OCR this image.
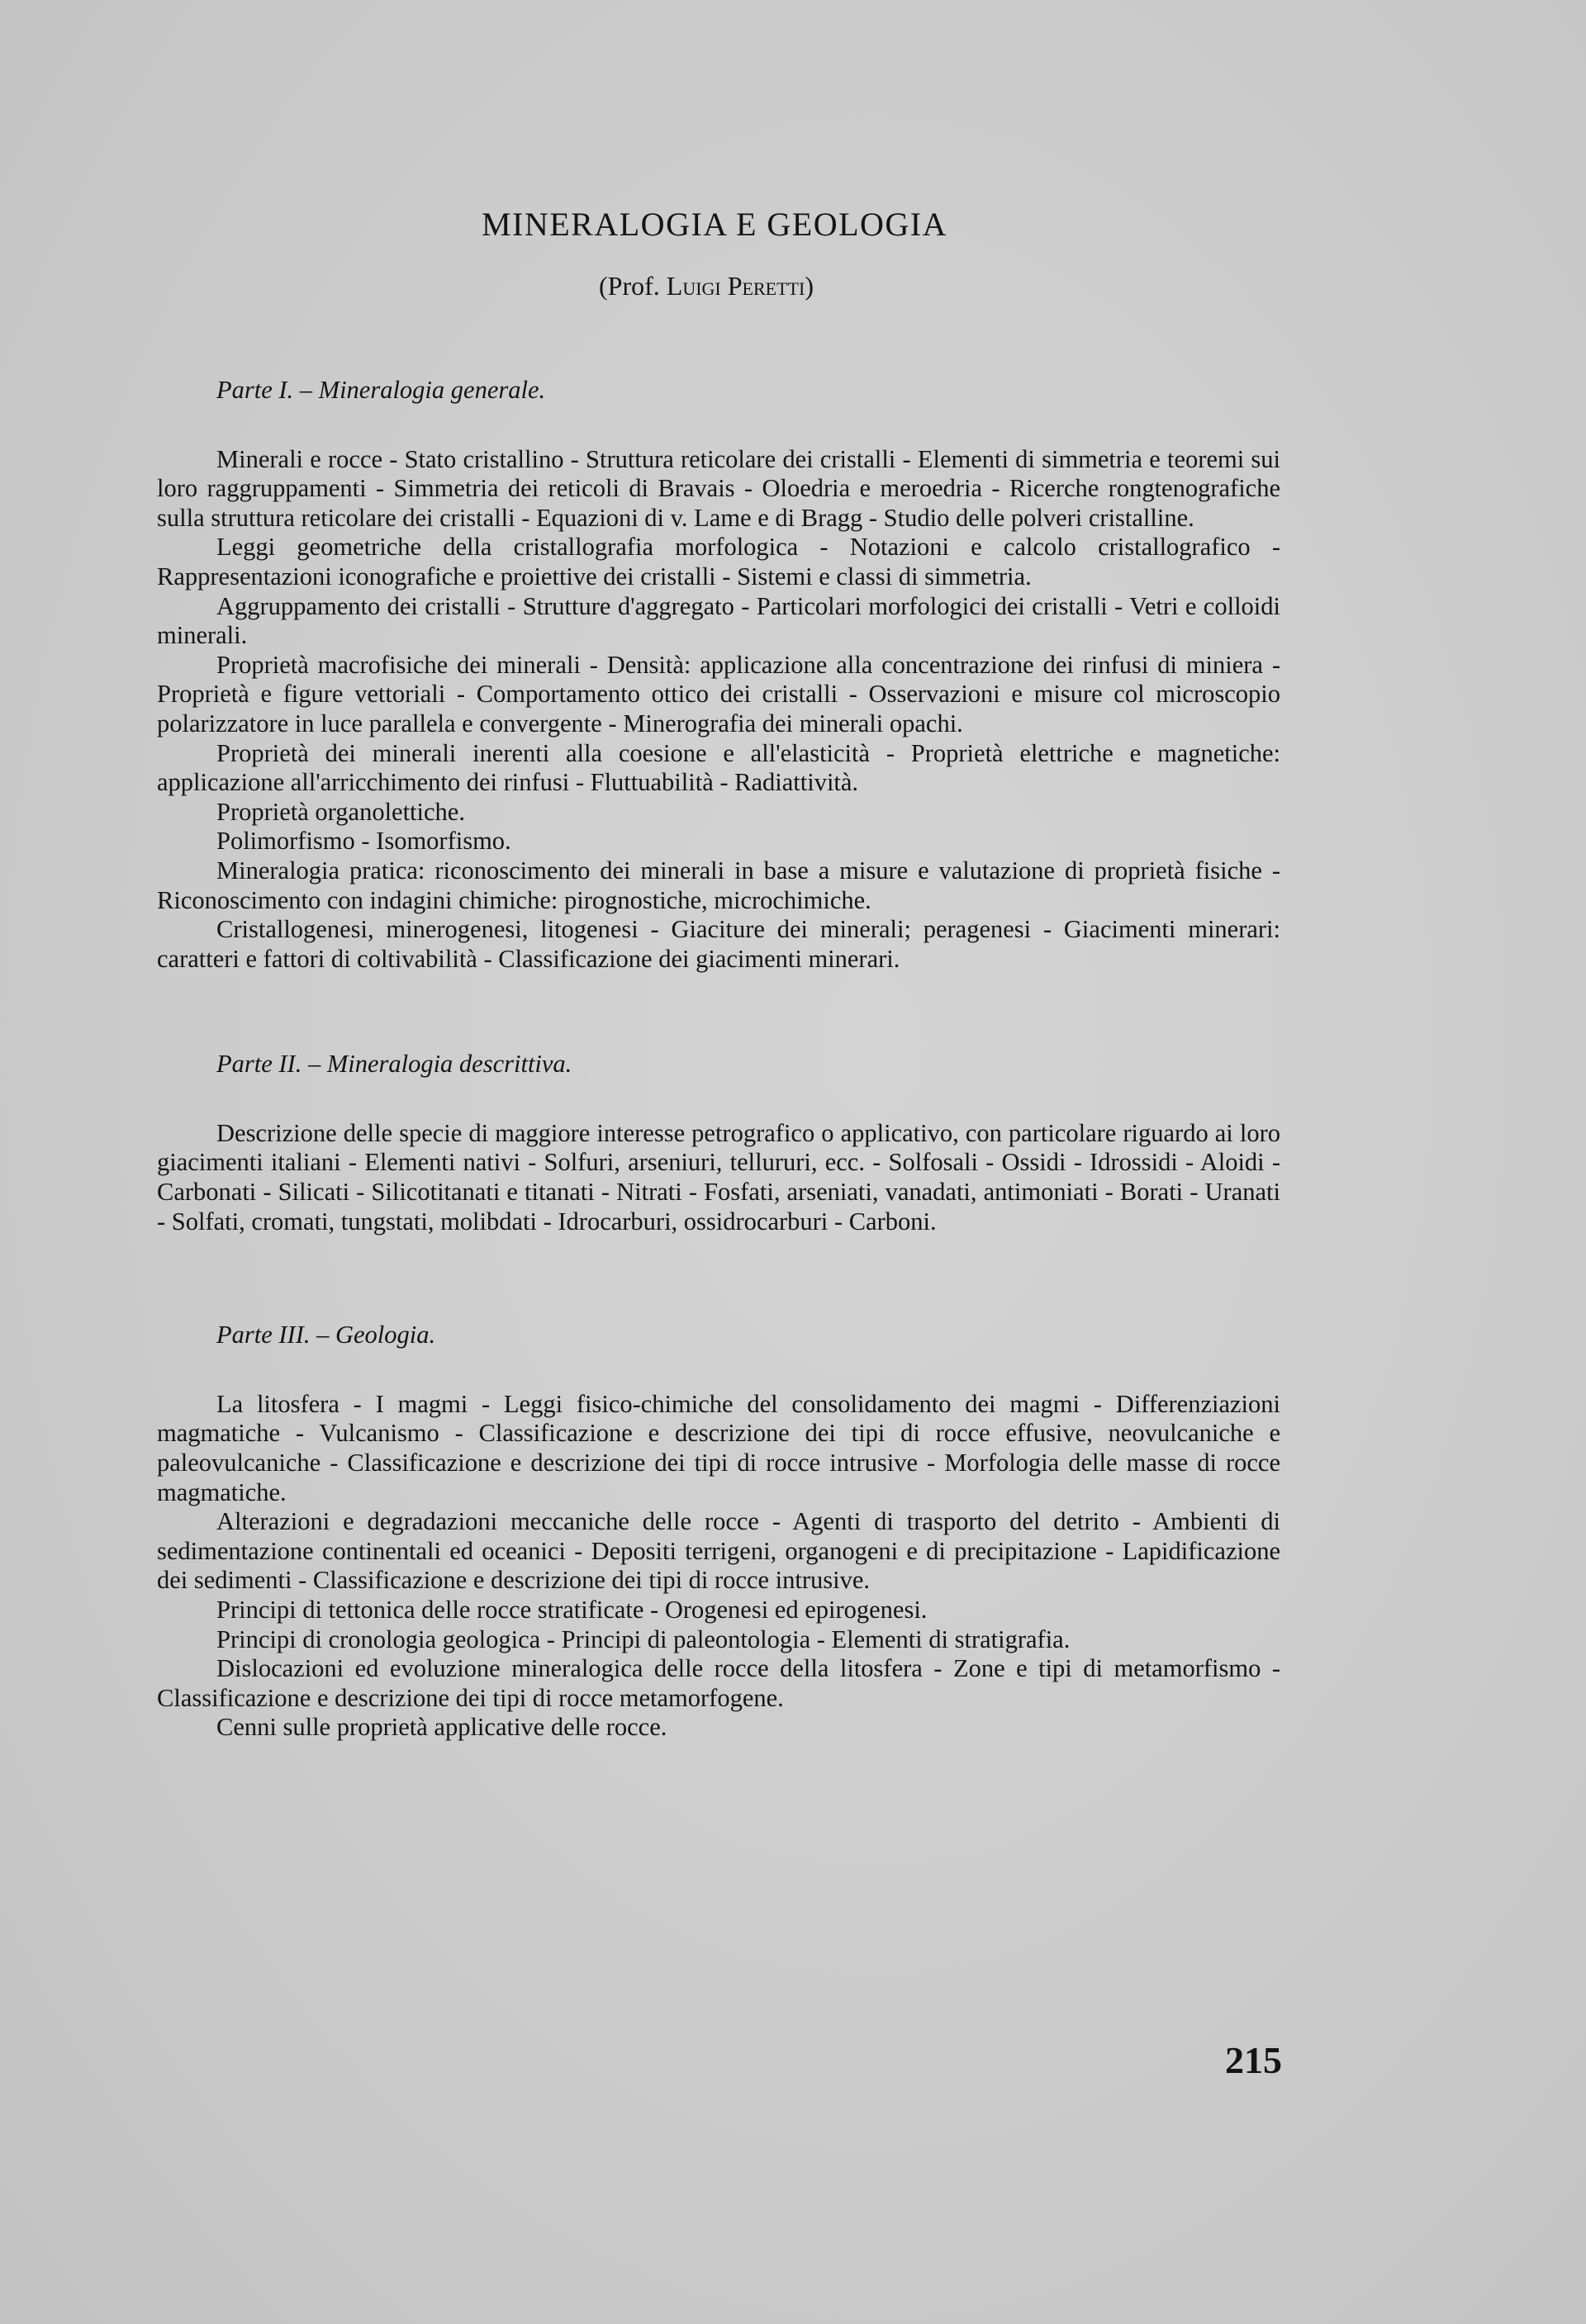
MINERALOGIA E GEOLOGIA
(Prof. Luigi Peretti)
Parte I. – Mineralogia generale.

Minerali e rocce - Stato cristallino - Struttura reticolare dei cristalli - Elementi di simmetria e teoremi sui loro raggruppamenti - Simmetria dei reticoli di Bravais - Oloedria e meroedria - Ricerche rongtenografiche sulla struttura reticolare dei cristalli - Equazioni di v. Lame e di Bragg - Studio delle polveri cristalline.

Leggi geometriche della cristallografia morfologica - Notazioni e calcolo cristallografico - Rappresentazioni iconografiche e proiettive dei cristalli - Sistemi e classi di simmetria.

Aggruppamento dei cristalli - Strutture d'aggregato - Particolari morfologici dei cristalli - Vetri e colloidi minerali.

Proprietà macrofisiche dei minerali - Densità: applicazione alla concentrazione dei rinfusi di miniera - Proprietà e figure vettoriali - Comportamento ottico dei cristalli - Osservazioni e misure col microscopio polarizzatore in luce parallela e convergente - Minerografia dei minerali opachi.

Proprietà dei minerali inerenti alla coesione e all'elasticità - Proprietà elettriche e magnetiche: applicazione all'arricchimento dei rinfusi - Fluttuabilità - Radiattività.

Proprietà organolettiche.

Polimorfismo - Isomorfismo.

Mineralogia pratica: riconoscimento dei minerali in base a misure e valutazione di proprietà fisiche - Riconoscimento con indagini chimiche: pirognostiche, microchimiche.

Cristallogenesi, minerogenesi, litogenesi - Giaciture dei minerali; peragenesi - Giacimenti minerari: caratteri e fattori di coltivabilità - Classificazione dei giacimenti minerari.

Parte II. – Mineralogia descrittiva.

Descrizione delle specie di maggiore interesse petrografico o applicativo, con particolare riguardo ai loro giacimenti italiani - Elementi nativi - Solfuri, arseniuri, tellururi, ecc. - Solfosali - Ossidi - Idrossidi - Aloidi - Carbonati - Silicati - Silicotitanati e titanati - Nitrati - Fosfati, arseniati, vanadati, antimoniati - Borati - Uranati - Solfati, cromati, tungstati, molibdati - Idrocarburi, ossidrocarburi - Carboni.

Parte III. – Geologia.

La litosfera - I magmi - Leggi fisico-chimiche del consolidamento dei magmi - Differenziazioni magmatiche - Vulcanismo - Classificazione e descrizione dei tipi di rocce effusive, neovulcaniche e paleovulcaniche - Classificazione e descrizione dei tipi di rocce intrusive - Morfologia delle masse di rocce magmatiche.

Alterazioni e degradazioni meccaniche delle rocce - Agenti di trasporto del detrito - Ambienti di sedimentazione continentali ed oceanici - Depositi terrigeni, organogeni e di precipitazione - Lapidificazione dei sedimenti - Classificazione e descrizione dei tipi di rocce intrusive.

Principi di tettonica delle rocce stratificate - Orogenesi ed epirogenesi.

Principi di cronologia geologica - Principi di paleontologia - Elementi di stratigrafia.

Dislocazioni ed evoluzione mineralogica delle rocce della litosfera - Zone e tipi di metamorfismo - Classificazione e descrizione dei tipi di rocce metamorfogene.

Cenni sulle proprietà applicative delle rocce.

215
